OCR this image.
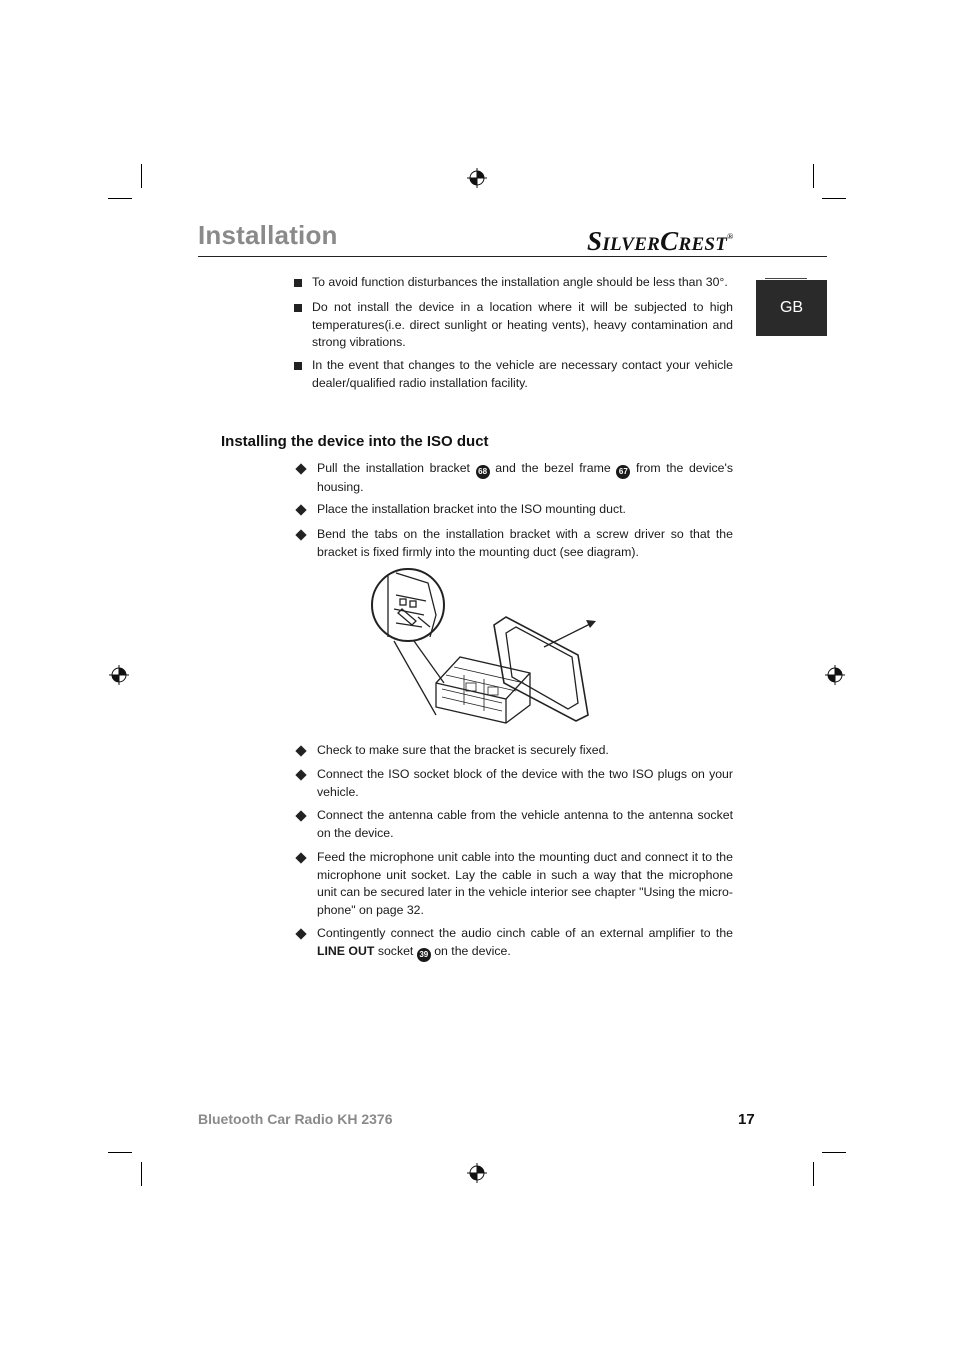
Installation	SILVERCREST®
GB
To avoid function disturbances the installation angle should be less than 30°.
Do not install the device in a location where it will be subjected to high temperatures(i.e. direct sunlight or heating vents), heavy contamination and strong vibrations.
In the event that changes to the vehicle are necessary contact your vehicle dealer/qualified radio installation facility.
Installing the device into the ISO duct
Pull the installation bracket 68 and the bezel frame 67 from the device's housing.
Place the installation bracket into the ISO mounting duct.
Bend the tabs on the installation bracket with a screw driver so that the bracket is fixed firmly into the mounting duct (see diagram).
Check to make sure that the bracket is securely fixed.
Connect the ISO socket block of the device with the two ISO plugs on your vehicle.
Connect the antenna cable from the vehicle antenna to the antenna socket on the device.
Feed the microphone unit cable into the mounting duct and connect it to the microphone unit socket. Lay the cable in such a way that the microphone unit can be secured later in the vehicle interior see chapter "Using the micro-phone" on page 32.
Contingently connect the audio cinch cable of an external amplifier to the LINE OUT socket 39 on the device.
Bluetooth Car Radio KH 2376	17
